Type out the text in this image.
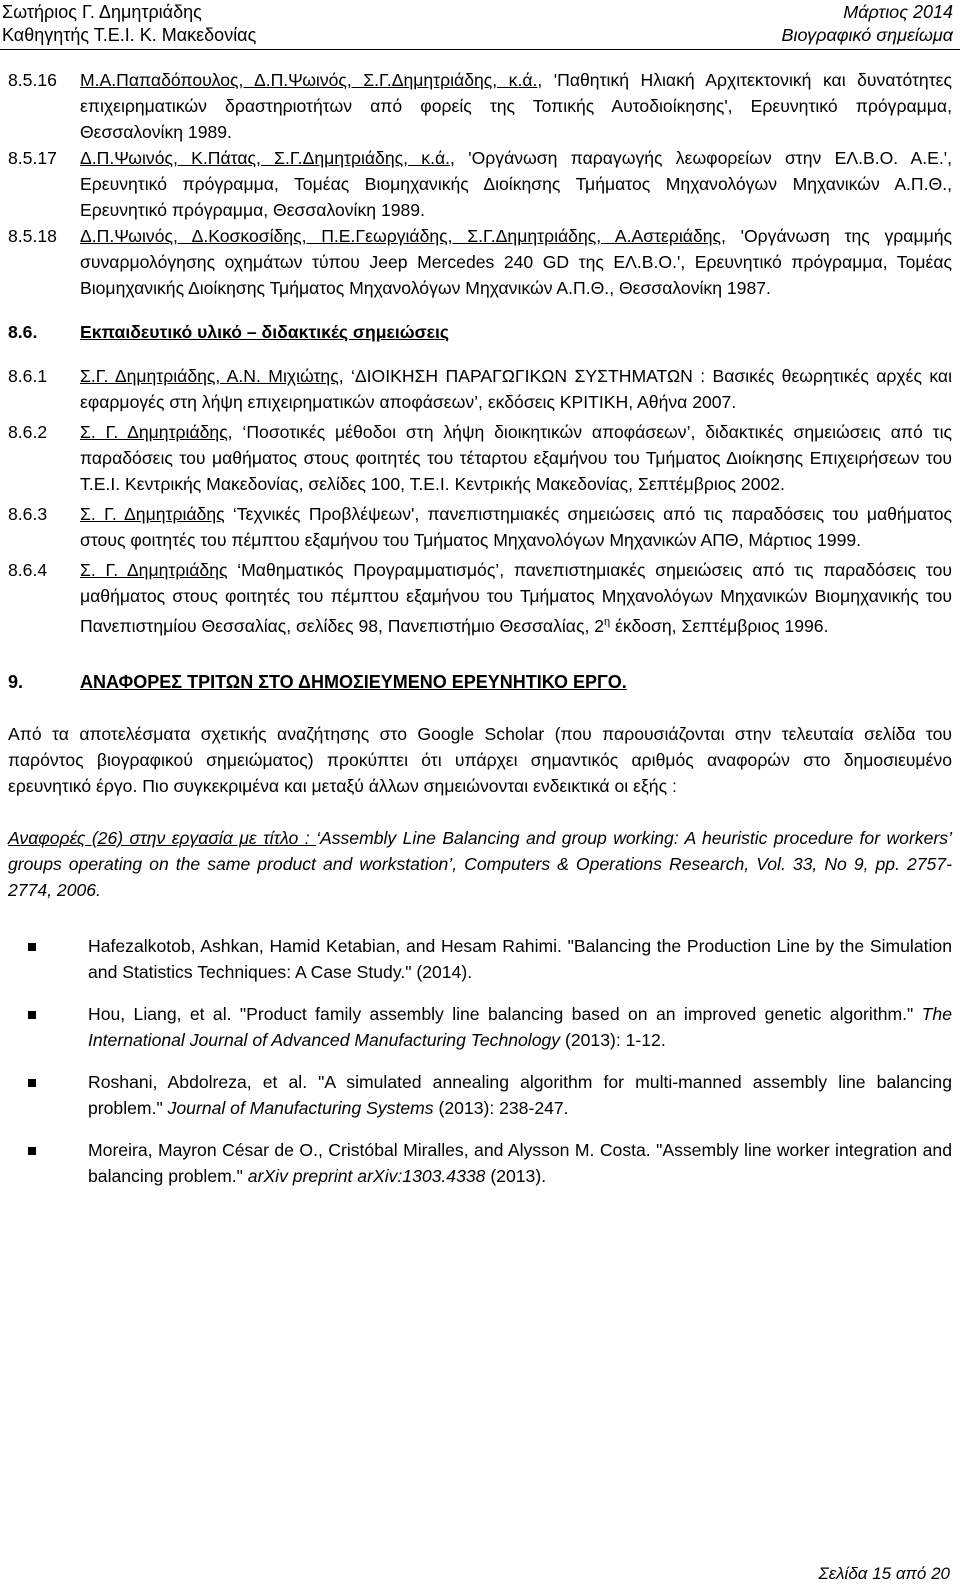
Σωτήριος Γ. Δημητριάδης
Καθηγητής Τ.Ε.Ι. Κ. Μακεδονίας
Μάρτιος 2014
Βιογραφικό σημείωμα
8.5.16	Μ.Α.Παπαδόπουλος, Δ.Π.Ψωινός, Σ.Γ.Δημητριάδης, κ.ά., 'Παθητική Ηλιακή Αρχιτεκτονική και δυνατότητες επιχειρηματικών δραστηριοτήτων από φορείς της Τοπικής Αυτοδιοίκησης', Ερευνητικό πρόγραμμα, Θεσσαλονίκη 1989.
8.5.17	Δ.Π.Ψωινός, Κ.Πάτας, Σ.Γ.Δημητριάδης, κ.ά., 'Οργάνωση παραγωγής λεωφορείων στην ΕΛ.Β.Ο. Α.Ε.', Ερευνητικό πρόγραμμα, Τομέας Βιομηχανικής Διοίκησης Τμήματος Μηχανολόγων Μηχανικών Α.Π.Θ., Ερευνητικό πρόγραμμα, Θεσσαλονίκη 1989.
8.5.18	Δ.Π.Ψωινός, Δ.Κοσκοσίδης, Π.Ε.Γεωργιάδης, Σ.Γ.Δημητριάδης, Α.Αστεριάδης, 'Οργάνωση της γραμμής συναρμολόγησης οχημάτων τύπου Jeep Mercedes 240 GD της ΕΛ.Β.Ο.', Ερευνητικό πρόγραμμα, Τομέας Βιομηχανικής Διοίκησης Τμήματος Μηχανολόγων Μηχανικών Α.Π.Θ., Θεσσαλονίκη 1987.
8.6.	Εκπαιδευτικό υλικό – διδακτικές σημειώσεις
8.6.1	Σ.Γ. Δημητριάδης, Α.Ν. Μιχιώτης, ‘ΔΙΟΙΚΗΣΗ ΠΑΡΑΓΩΓΙΚΩΝ ΣΥΣΤΗΜΑΤΩΝ : Βασικές θεωρητικές αρχές και εφαρμογές στη λήψη επιχειρηματικών αποφάσεων’, εκδόσεις ΚΡΙΤΙΚΗ, Αθήνα 2007.
8.6.2	Σ. Γ. Δημητριάδης, ‘Ποσοτικές μέθοδοι στη λήψη διοικητικών αποφάσεων’, διδακτικές σημειώσεις από τις παραδόσεις του μαθήματος στους φοιτητές του τέταρτου εξαμήνου του Τμήματος Διοίκησης Επιχειρήσεων του Τ.Ε.Ι. Κεντρικής Μακεδονίας, σελίδες 100, Τ.Ε.Ι. Κεντρικής Μακεδονίας, Σεπτέμβριος 2002.
8.6.3	Σ. Γ. Δημητριάδης ‘Τεχνικές Προβλέψεων', πανεπιστημιακές σημειώσεις από τις παραδόσεις του μαθήματος στους φοιτητές του πέμπτου εξαμήνου του Τμήματος Μηχανολόγων Μηχανικών ΑΠΘ, Μάρτιος 1999.
8.6.4	Σ. Γ. Δημητριάδης ‘Μαθηματικός Προγραμματισμός’, πανεπιστημιακές σημειώσεις από τις παραδόσεις του μαθήματος στους φοιτητές του πέμπτου εξαμήνου του Τμήματος Μηχανολόγων Μηχανικών Βιομηχανικής του Πανεπιστημίου Θεσσαλίας, σελίδες 98, Πανεπιστήμιο Θεσσαλίας, $2^\eta$ έκδοση, Σεπτέμβριος 1996.
9.	ΑΝΑΦΟΡΕΣ ΤΡΙΤΩΝ ΣΤΟ ΔΗΜΟΣΙΕΥΜΕΝΟ ΕΡΕΥΝΗΤΙΚΟ ΕΡΓΟ.

Από τα αποτελέσματα σχετικής αναζήτησης στο Google Scholar (που παρουσιάζονται στην τελευταία σελίδα του παρόντος βιογραφικού σημειώματος) προκύπτει ότι υπάρχει σημαντικός αριθμός αναφορών στο δημοσιευμένο ερευνητικό έργο. Πιο συγκεκριμένα και μεταξύ άλλων σημειώνονται ενδεικτικά οι εξής :

Αναφορές (26) στην εργασία με τίτλο : ‘Assembly Line Balancing and group working: A heuristic procedure for workers’ groups operating on the same product and workstation’, Computers & Operations Research, Vol. 33, No 9, pp. 2757-2774, 2006.

Hafezalkotob, Ashkan, Hamid Ketabian, and Hesam Rahimi. "Balancing the Production Line by the Simulation and Statistics Techniques: A Case Study." (2014).

Hou, Liang, et al. "Product family assembly line balancing based on an improved genetic algorithm." The International Journal of Advanced Manufacturing Technology (2013): 1-12.

Roshani, Abdolreza, et al. "A simulated annealing algorithm for multi-manned assembly line balancing problem." Journal of Manufacturing Systems (2013): 238-247.

Moreira, Mayron César de O., Cristóbal Miralles, and Alysson M. Costa. "Assembly line worker integration and balancing problem." arXiv preprint arXiv:1303.4338 (2013).

Σελίδα 15 από 20
